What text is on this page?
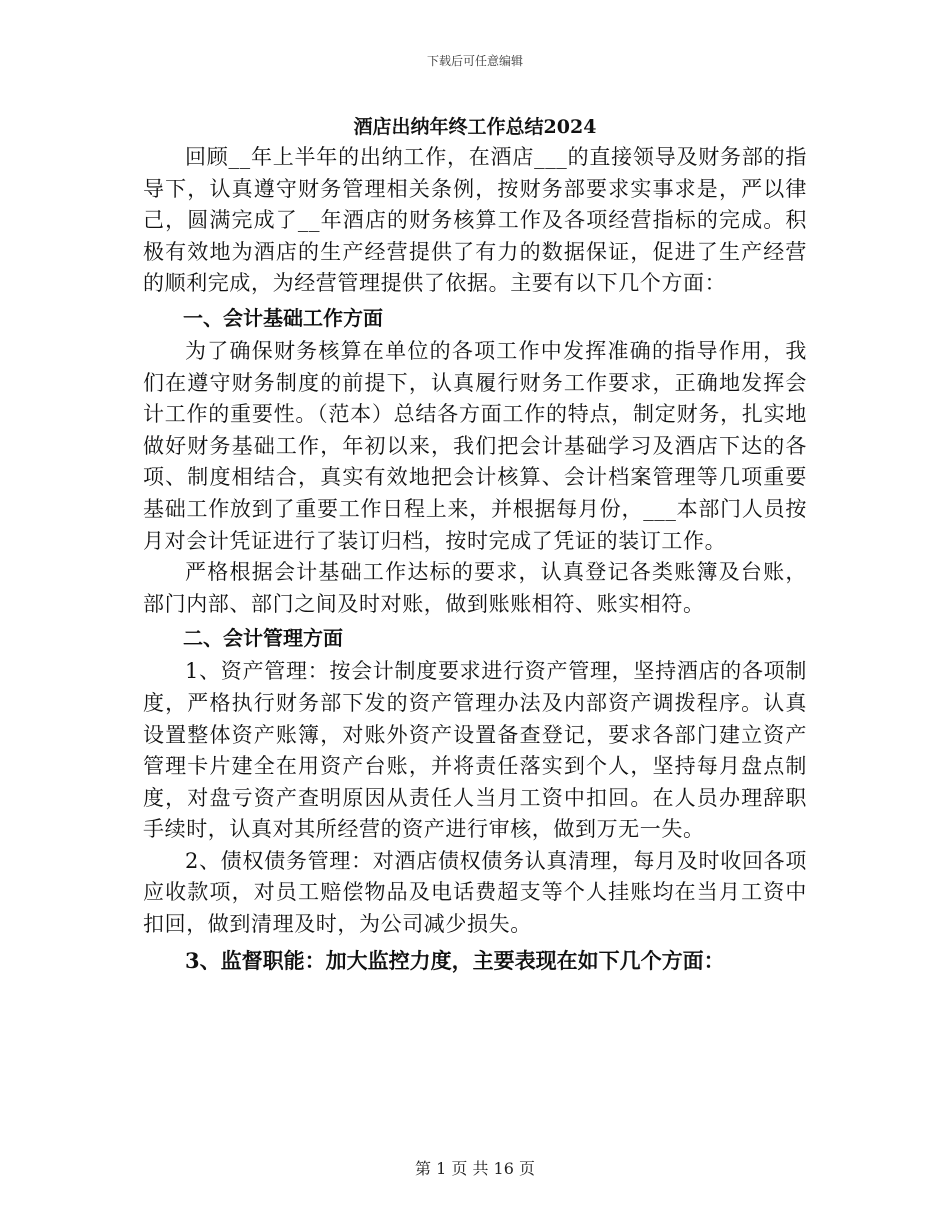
下载后可任意编辑
酒店出纳年终工作总结2024

回顾__年上半年的出纳工作，在酒店___的直接领导及财务部的指导下，认真遵守财务管理相关条例，按财务部要求实事求是，严以律己，圆满完成了__年酒店的财务核算工作及各项经营指标的完成。积极有效地为酒店的生产经营提供了有力的数据保证，促进了生产经营的顺利完成，为经营管理提供了依据。主要有以下几个方面：

一、会计基础工作方面

为了确保财务核算在单位的各项工作中发挥准确的指导作用，我们在遵守财务制度的前提下，认真履行财务工作要求，正确地发挥会计工作的重要性。（范本）总结各方面工作的特点，制定财务，扎实地做好财务基础工作，年初以来，我们把会计基础学习及酒店下达的各项、制度相结合，真实有效地把会计核算、会计档案管理等几项重要基础工作放到了重要工作日程上来，并根据每月份，___本部门人员按月对会计凭证进行了装订归档，按时完成了凭证的装订工作。

严格根据会计基础工作达标的要求，认真登记各类账簿及台账，部门内部、部门之间及时对账，做到账账相符、账实相符。

二、会计管理方面

1、资产管理：按会计制度要求进行资产管理，坚持酒店的各项制度，严格执行财务部下发的资产管理办法及内部资产调拨程序。认真设置整体资产账簿，对账外资产设置备查登记，要求各部门建立资产管理卡片建全在用资产台账，并将责任落实到个人，坚持每月盘点制度，对盘亏资产查明原因从责任人当月工资中扣回。在人员办理辞职手续时，认真对其所经营的资产进行审核，做到万无一失。

2、债权债务管理：对酒店债权债务认真清理，每月及时收回各项应收款项，对员工赔偿物品及电话费超支等个人挂账均在当月工资中扣回，做到清理及时，为公司减少损失。

3、监督职能：加大监控力度，主要表现在如下几个方面：
第 1 页 共 16 页
